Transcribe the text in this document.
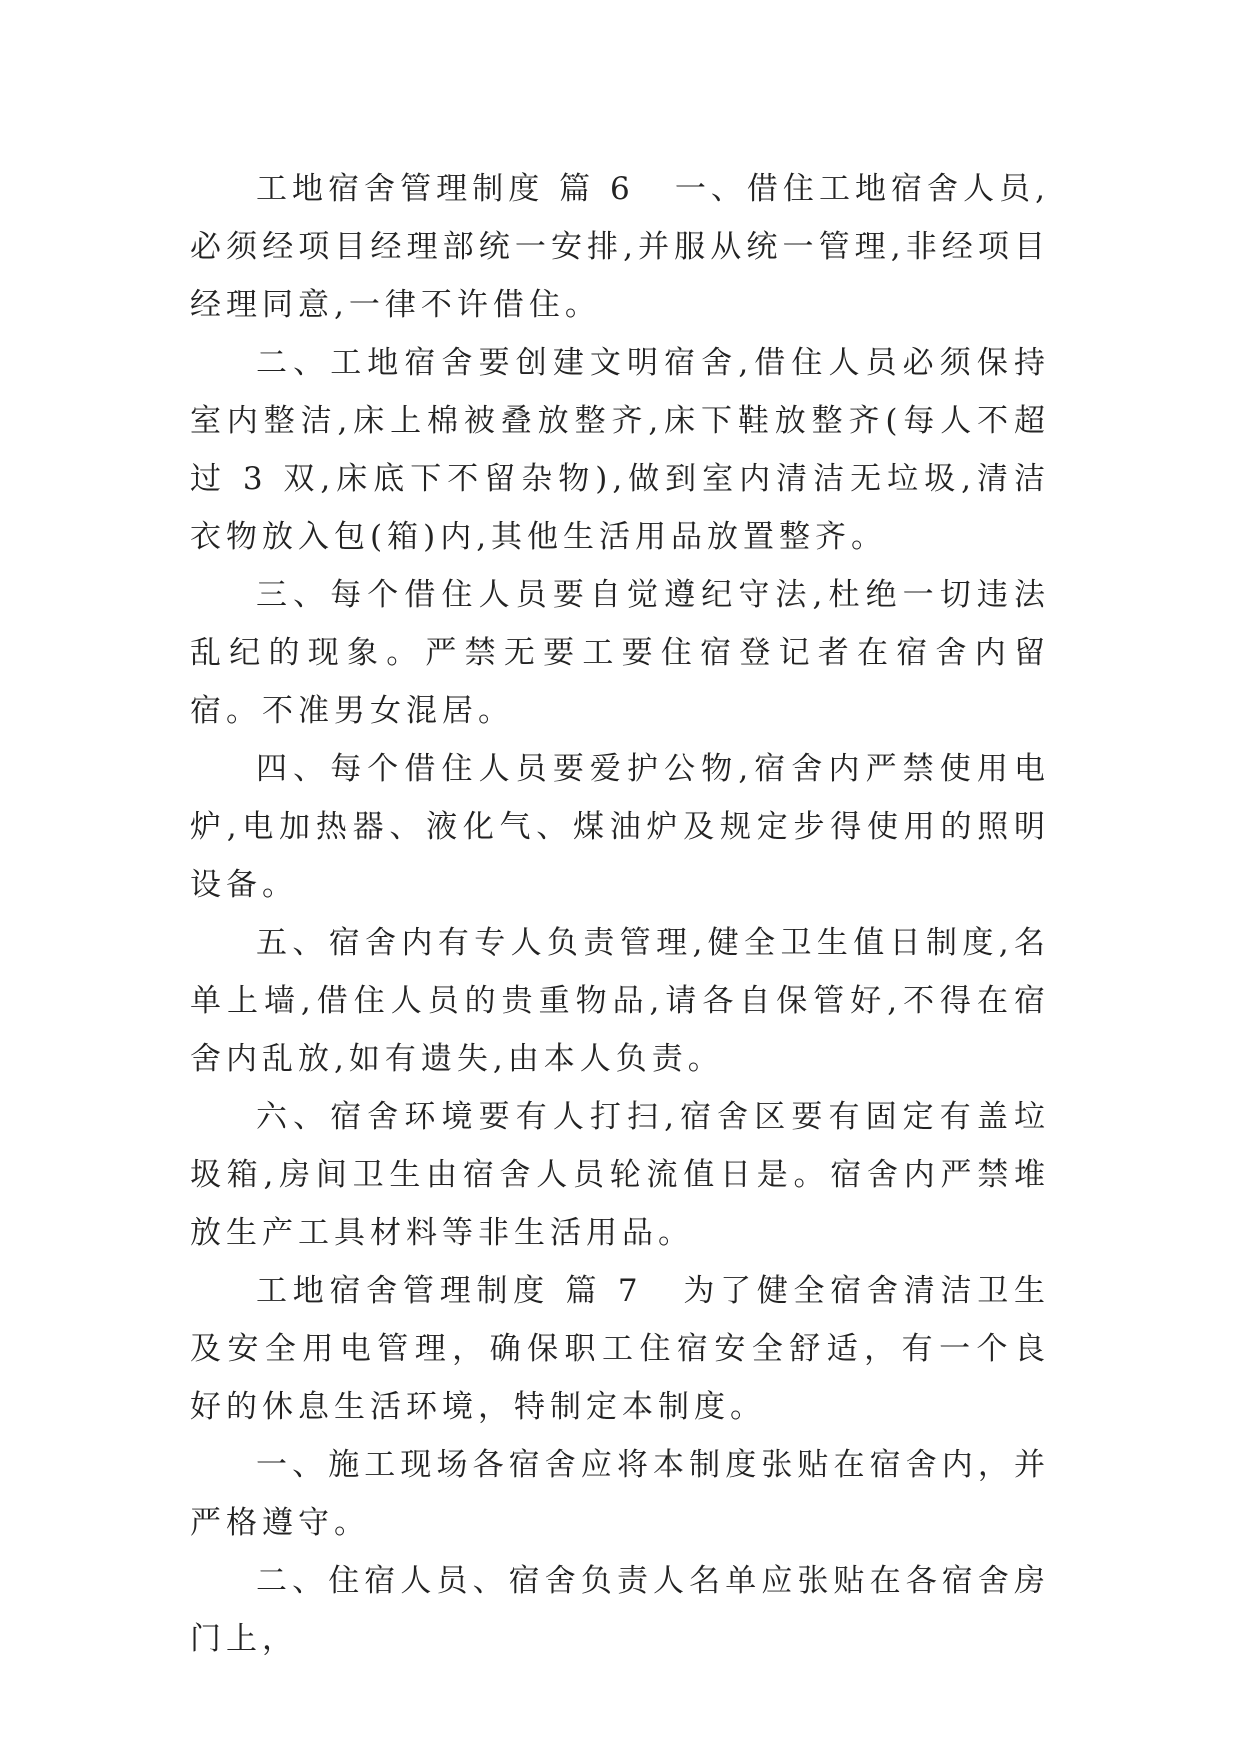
工地宿舍管理制度 篇 6 一、借住工地宿舍人员,必须经项目经理部统一安排,并服从统一管理,非经项目经理同意,一律不许借住。

二、工地宿舍要创建文明宿舍,借住人员必须保持室内整洁,床上棉被叠放整齐,床下鞋放整齐(每人不超过 3 双,床底下不留杂物),做到室内清洁无垃圾,清洁衣物放入包(箱)内,其他生活用品放置整齐。

三、每个借住人员要自觉遵纪守法,杜绝一切违法乱纪的现象。严禁无要工要住宿登记者在宿舍内留宿。不准男女混居。

四、每个借住人员要爱护公物,宿舍内严禁使用电炉,电加热器、液化气、煤油炉及规定步得使用的照明设备。

五、宿舍内有专人负责管理,健全卫生值日制度,名单上墙,借住人员的贵重物品,请各自保管好,不得在宿舍内乱放,如有遗失,由本人负责。

六、宿舍环境要有人打扫,宿舍区要有固定有盖垃圾箱,房间卫生由宿舍人员轮流值日是。宿舍内严禁堆放生产工具材料等非生活用品。

工地宿舍管理制度 篇 7 为了健全宿舍清洁卫生及安全用电管理，确保职工住宿安全舒适，有一个良好的休息生活环境，特制定本制度。

一、施工现场各宿舍应将本制度张贴在宿舍内，并严格遵守。

二、住宿人员、宿舍负责人名单应张贴在各宿舍房门上，
